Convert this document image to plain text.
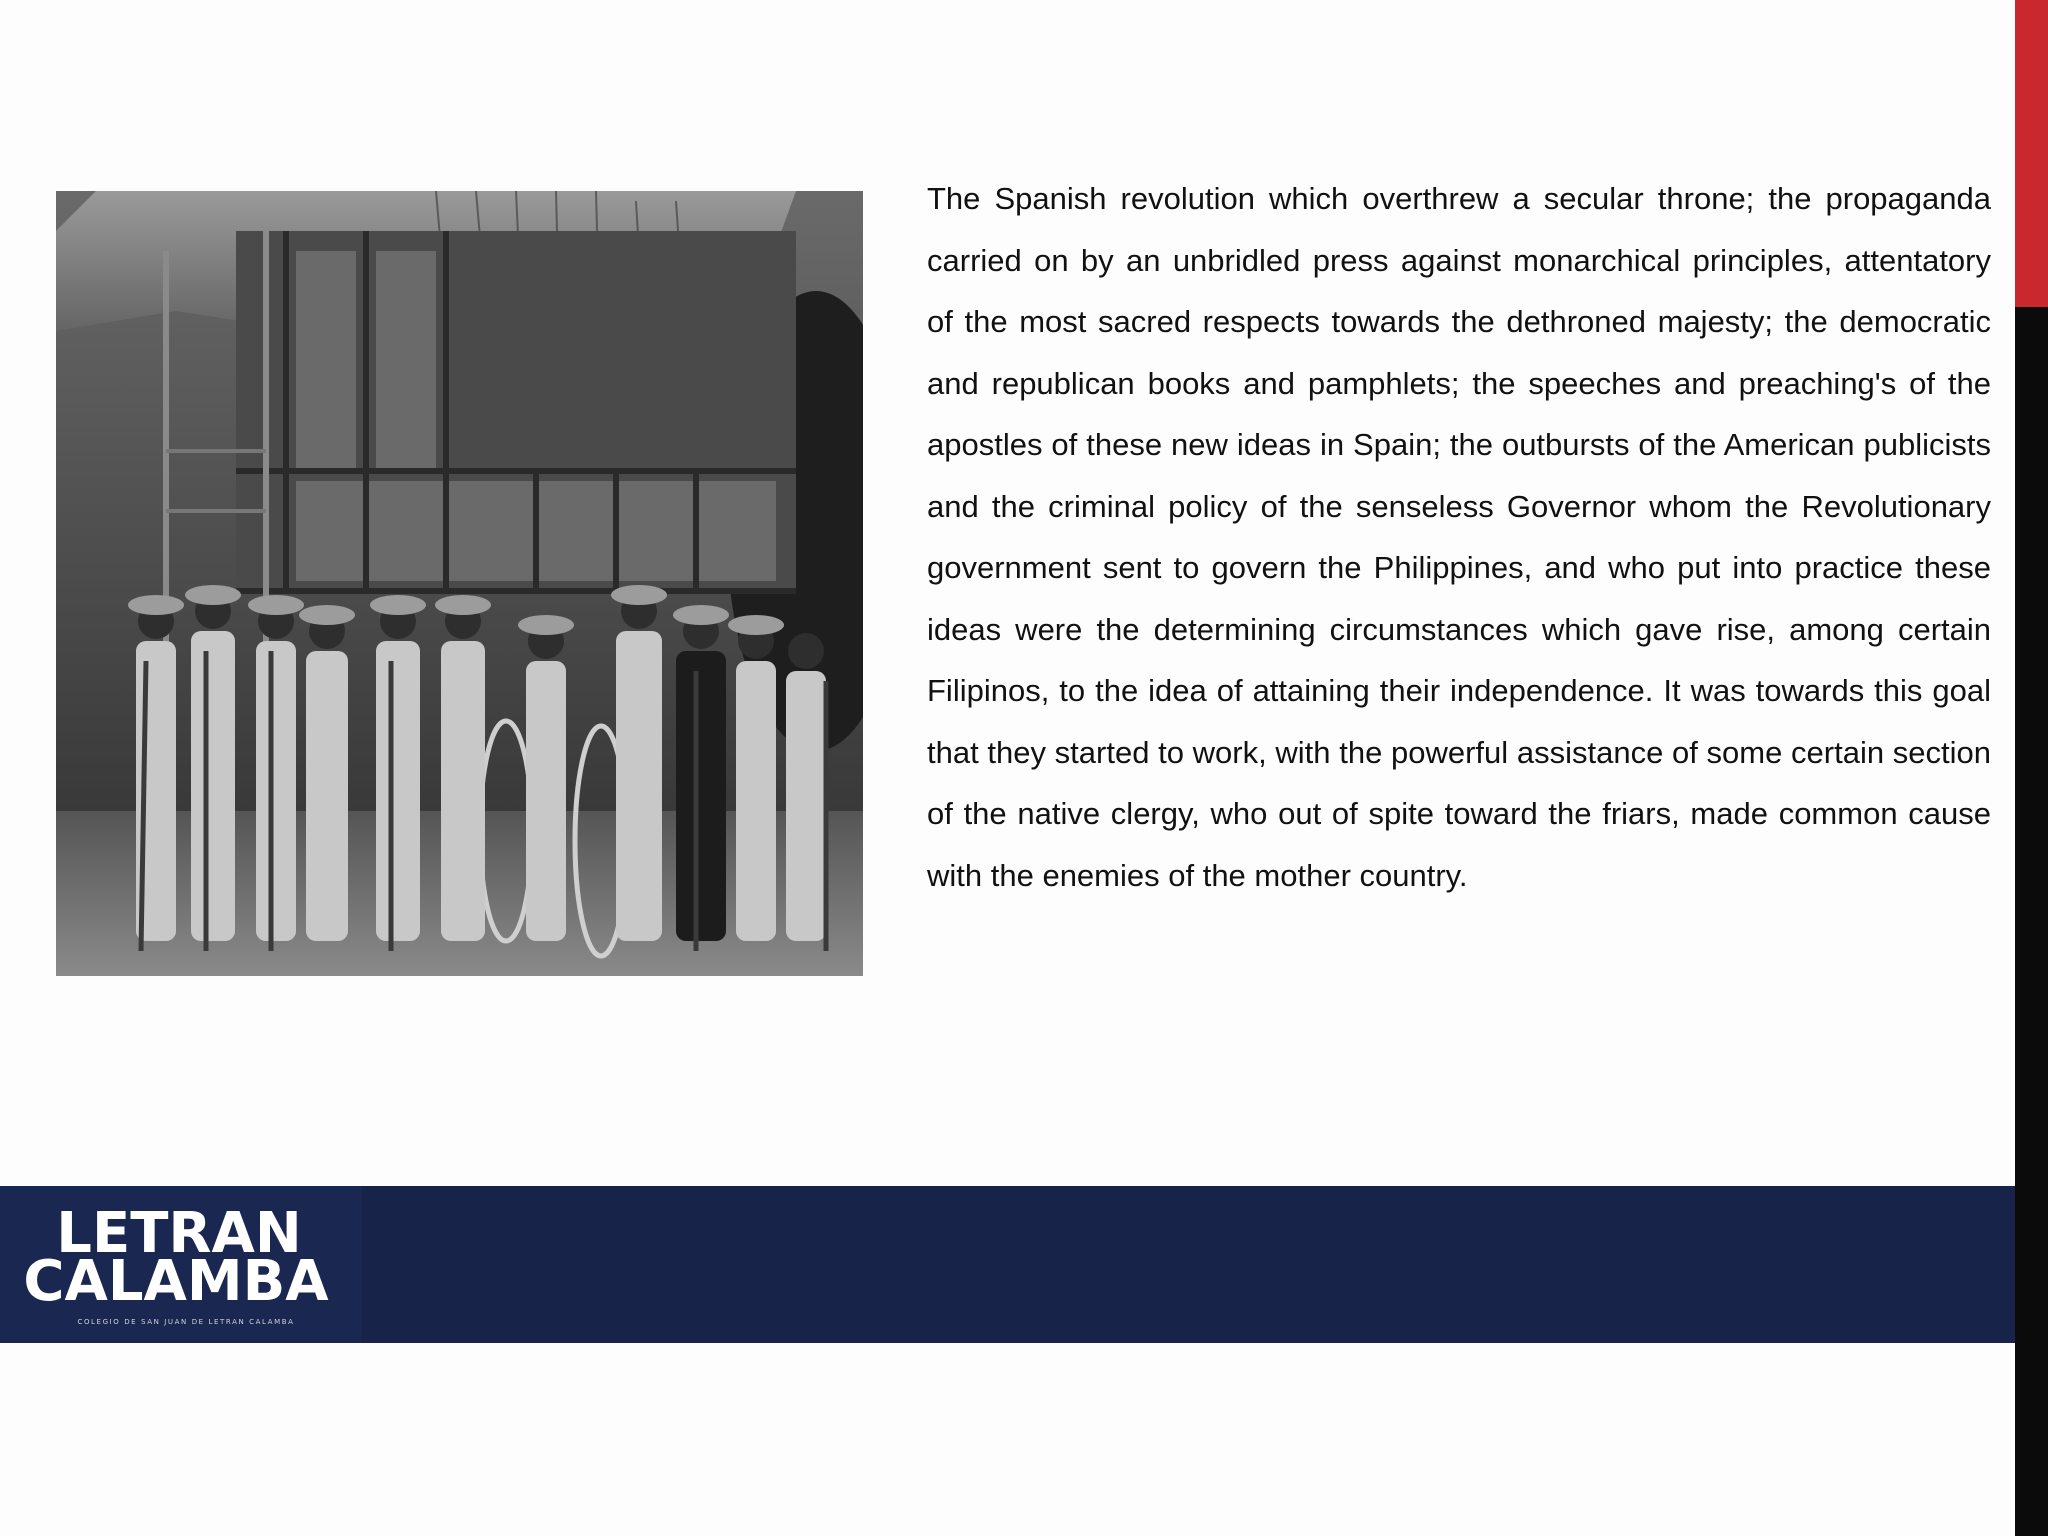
The Spanish revolution which overthrew a secular throne; the propaganda carried on by an unbridled press against monarchical principles, attentatory of the most sacred respects towards the dethroned majesty; the democratic and republican books and pamphlets; the speeches and preaching's of the apostles of these new ideas in Spain; the outbursts of the American publicists and the criminal policy of the senseless Governor whom the Revolutionary government sent to govern the Philippines, and who put into practice these ideas were the determining circumstances which gave rise, among certain Filipinos, to the idea of attaining their independence. It was towards this goal that they started to work, with the powerful assistance of some certain section of the native clergy, who out of spite toward the friars, made common cause with the enemies of the mother country.

LETRAN
CALAMBA
COLEGIO DE SAN JUAN DE LETRAN CALAMBA
